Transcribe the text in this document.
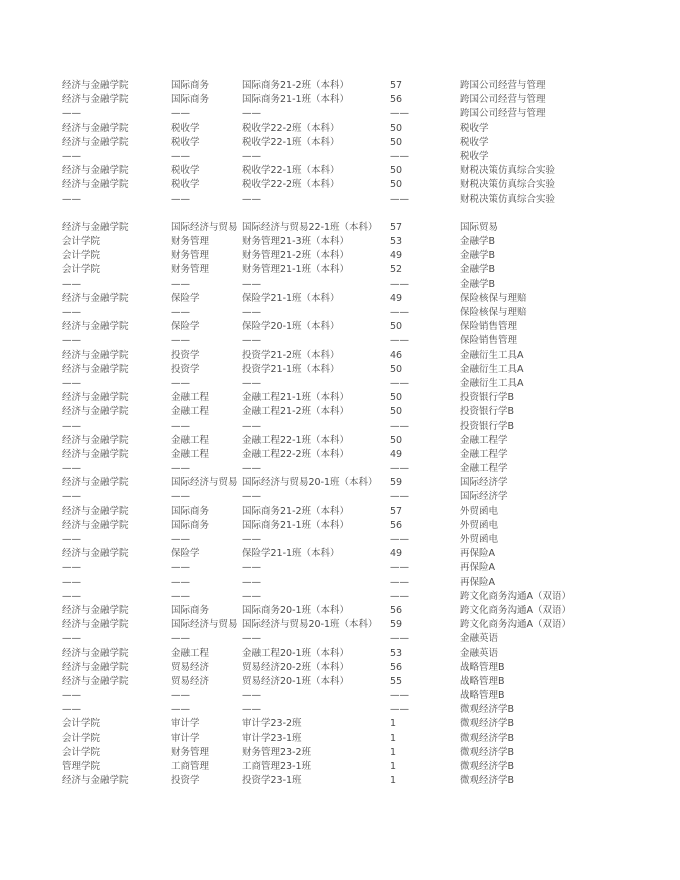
经济与金融学院	国际商务	国际商务21-2班（本科）	57	跨国公司经营与管理
经济与金融学院	国际商务	国际商务21-1班（本科）	56	跨国公司经营与管理
——	——	——	——	跨国公司经营与管理
经济与金融学院	税收学	税收学22-2班（本科）	50	税收学
经济与金融学院	税收学	税收学22-1班（本科）	50	税收学
——	——	——	——	税收学
经济与金融学院	税收学	税收学22-1班（本科）	50	财税决策仿真综合实验
经济与金融学院	税收学	税收学22-2班（本科）	50	财税决策仿真综合实验
——	——	——	——	财税决策仿真综合实验
经济与金融学院	国际经济与贸易 国际经济与贸易22-1班（本科）	57	国际贸易
会计学院	财务管理	财务管理21-3班（本科）	53	金融学B
会计学院	财务管理	财务管理21-2班（本科）	49	金融学B
会计学院	财务管理	财务管理21-1班（本科）	52	金融学B
——	——	——	——	金融学B
经济与金融学院	保险学	保险学21-1班（本科）	49	保险核保与理赔
——	——	——	——	保险核保与理赔
经济与金融学院	保险学	保险学20-1班（本科）	50	保险销售管理
——	——	——	——	保险销售管理
经济与金融学院	投资学	投资学21-2班（本科）	46	金融衍生工具A
经济与金融学院	投资学	投资学21-1班（本科）	50	金融衍生工具A
——	——	——	——	金融衍生工具A
经济与金融学院	金融工程	金融工程21-1班（本科）	50	投资银行学B
经济与金融学院	金融工程	金融工程21-2班（本科）	50	投资银行学B
——	——	——	——	投资银行学B
经济与金融学院	金融工程	金融工程22-1班（本科）	50	金融工程学
经济与金融学院	金融工程	金融工程22-2班（本科）	49	金融工程学
——	——	——	——	金融工程学
经济与金融学院	国际经济与贸易 国际经济与贸易20-1班（本科）	59	国际经济学
——	——	——	——	国际经济学
经济与金融学院	国际商务	国际商务21-2班（本科）	57	外贸函电
经济与金融学院	国际商务	国际商务21-1班（本科）	56	外贸函电
——	——	——	——	外贸函电
经济与金融学院	保险学	保险学21-1班（本科）	49	再保险A
——	——	——	——	再保险A
——	——	——	——	再保险A
——	——	——	——	跨文化商务沟通A（双语）
经济与金融学院	国际商务	国际商务20-1班（本科）	56	跨文化商务沟通A（双语）
经济与金融学院	国际经济与贸易 国际经济与贸易20-1班（本科）	59	跨文化商务沟通A（双语）
——	——	——	——	金融英语
经济与金融学院	金融工程	金融工程20-1班（本科）	53	金融英语
经济与金融学院	贸易经济	贸易经济20-2班（本科）	56	战略管理B
经济与金融学院	贸易经济	贸易经济20-1班（本科）	55	战略管理B
——	——	——	——	战略管理B
——	——	——	——	微观经济学B
会计学院	审计学	审计学23-2班	1	微观经济学B
会计学院	审计学	审计学23-1班	1	微观经济学B
会计学院	财务管理	财务管理23-2班	1	微观经济学B
管理学院	工商管理	工商管理23-1班	1	微观经济学B
经济与金融学院	投资学	投资学23-1班	1	微观经济学B
